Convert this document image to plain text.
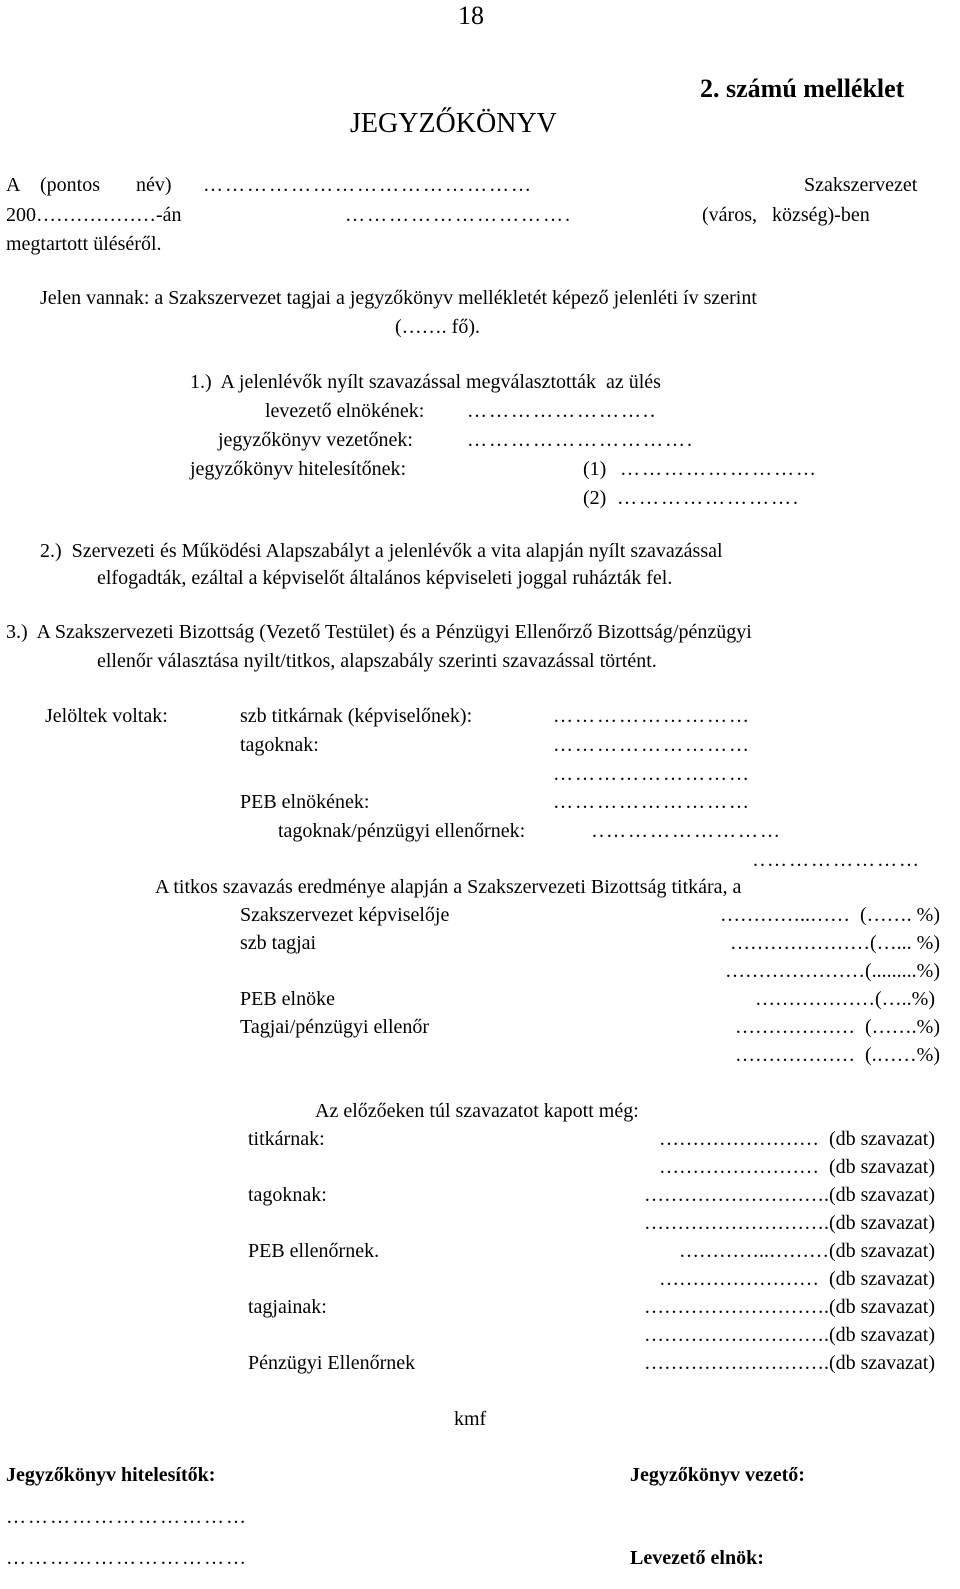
18
2. számú melléklet
JEGYZŐKÖNYV
A (pontos név) ………………………………………	Szakszervezet
200………………-án	………………………….	(város,   község)-ben
megtartott üléséről.
Jelen vannak: a Szakszervezet tagjai a jegyzőkönyv mellékletét képező jelenléti ív szerint
(……. fő).
1.)  A jelenlévők nyílt szavazással megválasztották  az ülés
levezető elnökének: ……………………..
jegyzőkönyv vezetőnek:	………………………….
jegyzőkönyv hitelesítőnek:	(1) ………………………
(2) …………………….
2.)  Szervezeti és Működési Alapszabályt a jelenlévők a vita alapján nyílt szavazással
elfogadták, ezáltal a képviselőt általános képviseleti joggal ruházták fel.
3.)  A Szakszervezeti Bizottság (Vezető Testület) és a Pénzügyi Ellenőrző Bizottság/pénzügyi
ellenőr választása nyilt/titkos, alapszabály szerinti szavazással történt.
Jelöltek voltak:	szb titkárnak (képviselőnek):	………………………
tagoknak:	………………………
………………………
PEB elnökének:	………………………
tagoknak/pénzügyi ellenőrnek:	..……………………
..…………………
A titkos szavazás eredménye alapján a Szakszervezeti Bizottság titkára, a
Szakszervezet képviselője	…………..……  (……. %)
szb tagjai	…………………(…... %)
…………………(.........%)
PEB elnöke	………………(…..%)
Tagjai/pénzügyi ellenőr	………………  (…….%)
………………  (.……%)
Az előzőeken túl szavazatot kapott még:
titkárnak:	……………………  (db szavazat)
……………………  (db szavazat)
tagoknak:	……………………….(db szavazat)
……………………….(db szavazat)
PEB ellenőrnek.	…………..………(db szavazat)
……………………  (db szavazat)
tagjainak:	……………………….(db szavazat)
……………………….(db szavazat)
Pénzügyi Ellenőrnek	……………………….(db szavazat)
kmf
Jegyzőkönyv hitelesítők:	Jegyzőkönyv vezető:
……………………………
……………………………	Levezető elnök:
